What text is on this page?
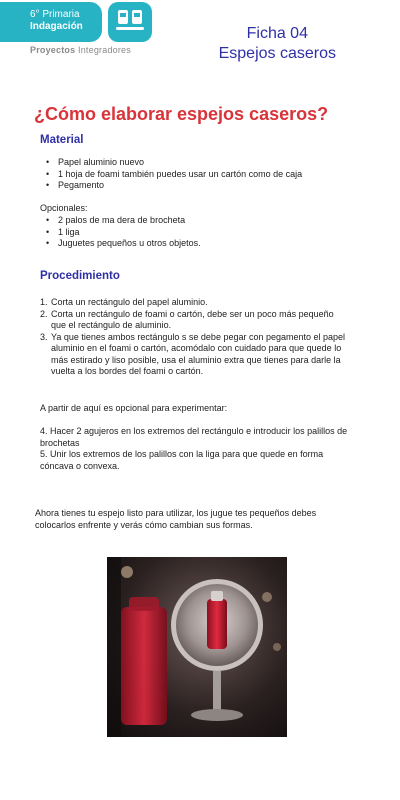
6° Primaria
Indagación
Proyectos Integradores
Ficha 04
Espejos caseros
¿Cómo elaborar espejos caseros?
Material
• Papel aluminio nuevo
• 1 hoja de foami también puedes usar un cartón como de caja
• Pegamento
Opcionales:
• 2 palos de ma dera de brocheta
• 1 liga
• Juguetes pequeños u otros objetos.
Procedimiento
1. Corta un rectángulo del papel aluminio.
2. Corta un rectángulo de foami o cartón, debe ser un poco más pequeño
que el rectángulo de aluminio.
3. Ya que tienes ambos rectángulo s se debe pegar con pegamento el papel
aluminio en el foami o cartón, acomódalo con cuidado para que quede lo
más estirado y liso posible, usa el aluminio extra que tienes para darle la
vuelta a los bordes del foami o cartón.
A partir de aquí es opcional para experimentar:
4. Hacer 2 agujeros en los extremos del rectángulo e introducir los palillos de
brochetas
5. Unir los extremos de los palillos con la liga para que quede en forma
cóncava o convexa.
Ahora tienes tu espejo listo para utilizar, los jugue tes pequeños debes
colocarlos enfrente y verás cómo cambian sus formas.
